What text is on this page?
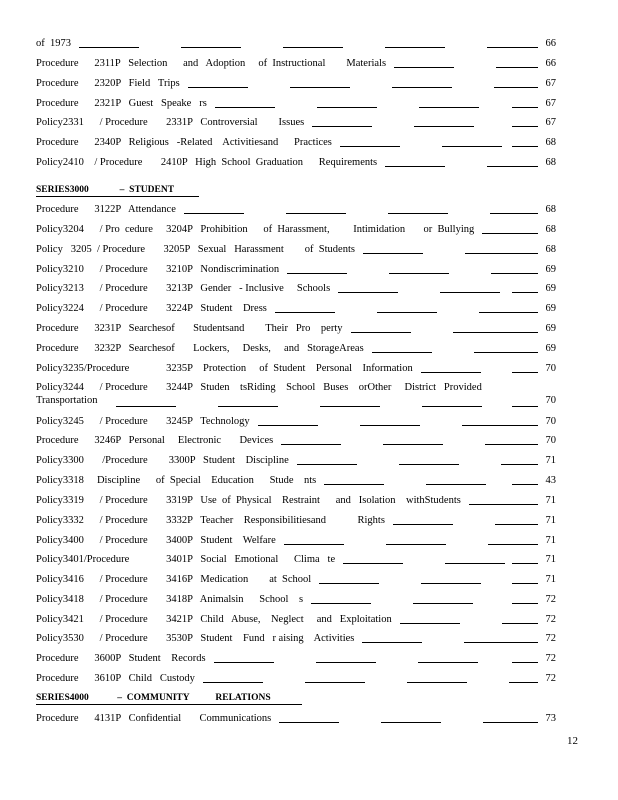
of  1973	66
Procedure      2311P   Selection      and   Adoption     of  Instructional        Materials	66
Procedure      2320P   Field   Trips	67
Procedure      2321P   Guest   Speake   rs	67
Policy2331      / Procedure       2331P   Controversial        Issues	67
Procedure      2340P   Religious   -Related    Activitiesand      Practices	68
Policy2410    / Procedure       2410P   High  School  Graduation      Requirements	68
SERIES3000             –  STUDENT
Procedure      3122P   Attendance	68
Policy3204      / Pro  cedure     3204P   Prohibition      of  Harassment,         Intimidation       or  Bullying	68
Policy   3205  / Procedure       3205P   Sexual   Harassment        of  Students	68
Policy3210      / Procedure       3210P   Nondiscrimination	69
Policy3213      / Procedure       3213P   Gender   - Inclusive     Schools	69
Policy3224      / Procedure       3224P   Student    Dress	69
Procedure      3231P   Searchesof       Studentsand        Their   Pro    perty	69
Procedure      3232P   Searchesof       Lockers,     Desks,     and   StorageAreas	69
Policy3235/Procedure              3235P    Protection     of  Student    Personal    Information	70
Policy3244      / Procedure       3244P   Studen    tsRiding    School   Buses    orOther     District   Provided
Transportation	70
Policy3245      / Procedure       3245P   Technology	70
Procedure      3246P   Personal     Electronic       Devices	70
Policy3300       /Procedure        3300P   Student    Discipline	71
Policy3318     Discipline      of  Special    Education      Stude    nts	43
Policy3319      / Procedure       3319P   Use  of  Physical    Restraint      and   Isolation    withStudents	71
Policy3332      / Procedure       3332P   Teacher    Responsibilitiesand            Rights	71
Policy3400      / Procedure       3400P   Student    Welfare	71
Policy3401/Procedure              3401P   Social   Emotional      Clima   te	71
Policy3416      / Procedure       3416P   Medication        at  School	71
Policy3418      / Procedure       3418P   Animalsin      School    s	72
Policy3421      / Procedure       3421P   Child   Abuse,    Neglect     and   Exploitation	72
Policy3530      / Procedure       3530P   Student    Fund   r aising    Activities	72
Procedure      3600P   Student    Records	72
Procedure      3610P   Child   Custody	72
SERIES4000            –  COMMUNITY           RELATIONS
Procedure      4131P   Confidential       Communications	73
12
